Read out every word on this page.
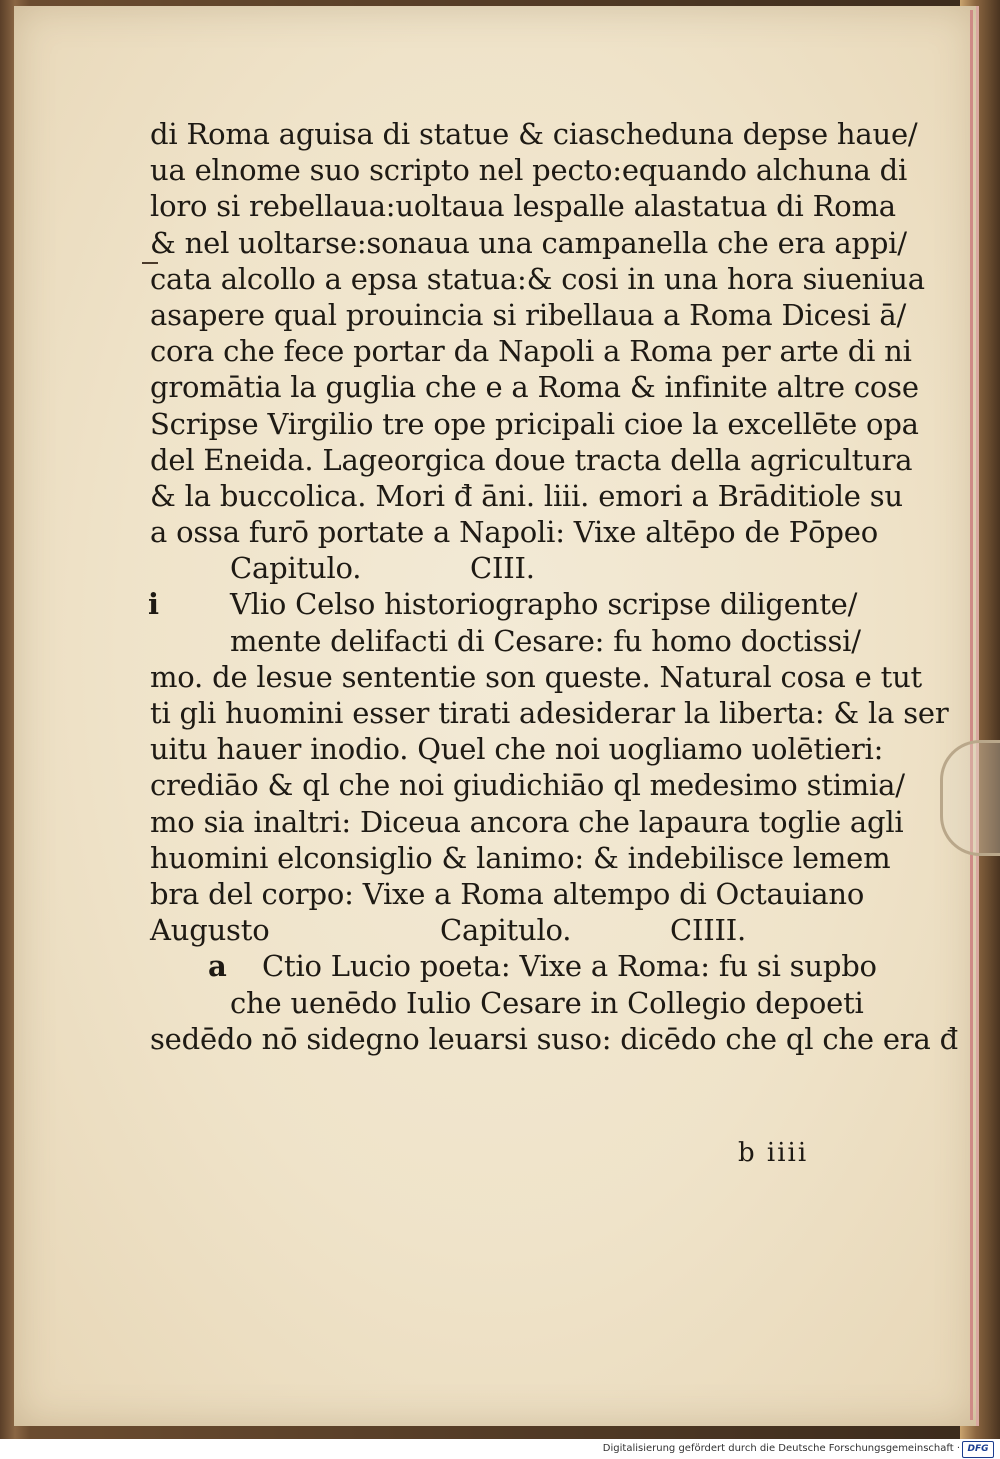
di Roma aguisa di statue & ciascheduna depse haue/
ua elnome suo scripto nel pecto:equando alchuna di
loro si rebellaua:uoltaua lespalle alastatua di Roma
& nel uoltarse:sonaua una campanella che era appi/
cata alcollo a epsa statua:& cosi in una hora siueniua
asapere qual prouincia si ribellaua a Roma Dicesi ā/
cora che fece portar da Napoli a Roma per arte di ni
gromātia la guglia che e a Roma & infinite altre cose
Scripse Virgilio tre ope pricipali cioe la excellēte opa
del Eneida. Lageorgica doue tracta della agricultura
& la buccolica. Mori đ āni. liii. emori a Brāditiole su
a ossa furō portate a Napoli: Vixe altēpo de Pōpeo
Capitulo.	CIII.
i Vlio Celso historiographo scripse diligente/
mente delifacti di Cesare: fu homo doctissi/
mo. de lesue sententie son queste. Natural cosa e tut
ti gli huomini esser tirati adesiderar la liberta: & la ser
uitu hauer inodio. Quel che noi uogliamo uolētieri:
crediāo & ql che noi giudichiāo ql medesimo stimia/
mo sia inaltri: Diceua ancora che lapaura toglie agli
huomini elconsiglio & lanimo: & indebilisce lemem
bra del corpo: Vixe a Roma altempo di Octauiano
Augusto	Capitulo.	CIIII.
a Ctio Lucio poeta: Vixe a Roma: fu si supbo
che uenēdo Iulio Cesare in Collegio depoeti
sedēdo nō sidegno leuarsi suso: dicēdo che ql che era đ
b iiii
Digitalisierung gefördert durch die Deutsche Forschungsgemeinschaft · DFG
